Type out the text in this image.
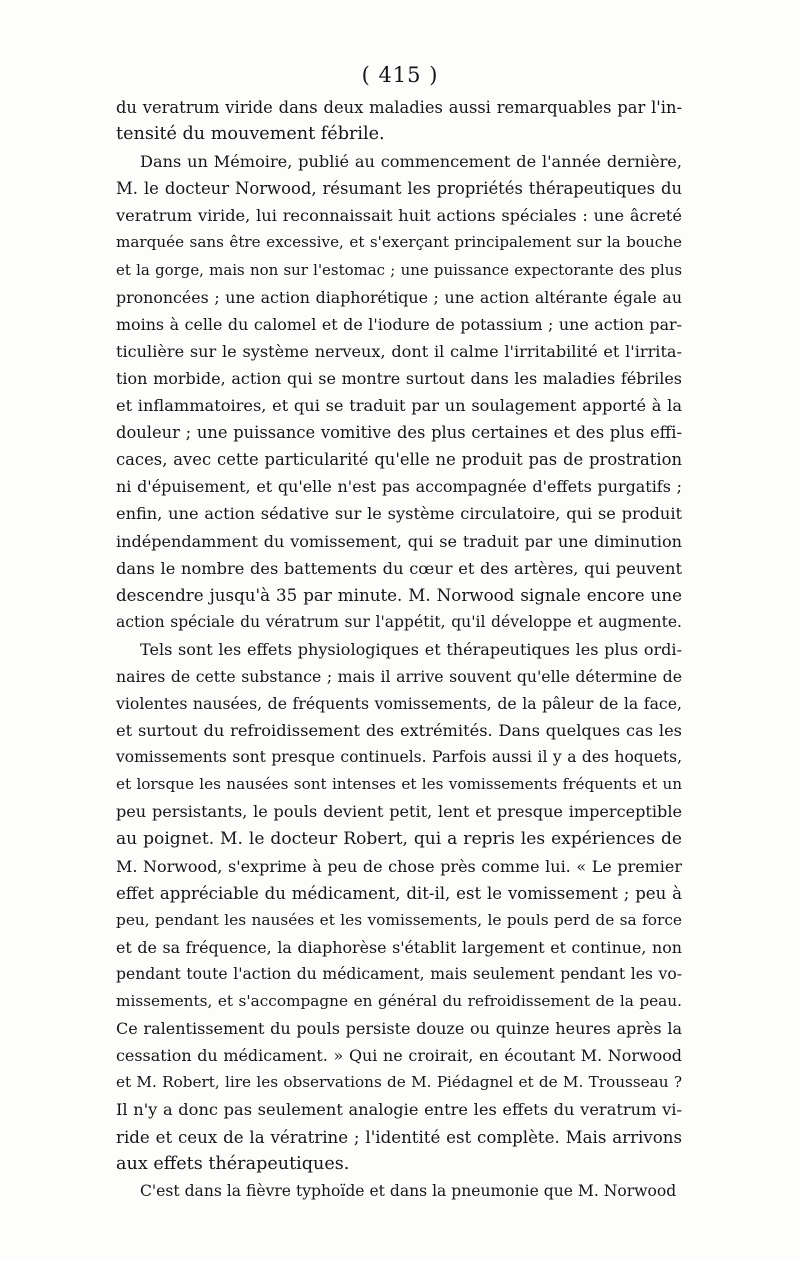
( 415 )
du veratrum viride dans deux maladies aussi remarquables par l'in-
tensité du mouvement fébrile.
Dans un Mémoire, publié au commencement de l'année dernière,
M. le docteur Norwood, résumant les propriétés thérapeutiques du
veratrum viride, lui reconnaissait huit actions spéciales : une âcreté
marquée sans être excessive, et s'exerçant principalement sur la bouche
et la gorge, mais non sur l'estomac ; une puissance expectorante des plus
prononcées ; une action diaphorétique ; une action altérante égale au
moins à celle du calomel et de l'iodure de potassium ; une action par-
ticulière sur le système nerveux, dont il calme l'irritabilité et l'irrita-
tion morbide, action qui se montre surtout dans les maladies fébriles
et inflammatoires, et qui se traduit par un soulagement apporté à la
douleur ; une puissance vomitive des plus certaines et des plus effi-
caces, avec cette particularité qu'elle ne produit pas de prostration
ni d'épuisement, et qu'elle n'est pas accompagnée d'effets purgatifs ;
enfin, une action sédative sur le système circulatoire, qui se produit
indépendamment du vomissement, qui se traduit par une diminution
dans le nombre des battements du cœur et des artères, qui peuvent
descendre jusqu'à 35 par minute. M. Norwood signale encore une
action spéciale du vératrum sur l'appétit, qu'il développe et augmente.
Tels sont les effets physiologiques et thérapeutiques les plus ordi-
naires de cette substance ; mais il arrive souvent qu'elle détermine de
violentes nausées, de fréquents vomissements, de la pâleur de la face,
et surtout du refroidissement des extrémités. Dans quelques cas les
vomissements sont presque continuels. Parfois aussi il y a des hoquets,
et lorsque les nausées sont intenses et les vomissements fréquents et un
peu persistants, le pouls devient petit, lent et presque imperceptible
au poignet. M. le docteur Robert, qui a repris les expériences de
M. Norwood, s'exprime à peu de chose près comme lui. « Le premier
effet appréciable du médicament, dit-il, est le vomissement ; peu à
peu, pendant les nausées et les vomissements, le pouls perd de sa force
et de sa fréquence, la diaphorèse s'établit largement et continue, non
pendant toute l'action du médicament, mais seulement pendant les vo-
missements, et s'accompagne en général du refroidissement de la peau.
Ce ralentissement du pouls persiste douze ou quinze heures après la
cessation du médicament. » Qui ne croirait, en écoutant M. Norwood
et M. Robert, lire les observations de M. Piédagnel et de M. Trousseau ?
Il n'y a donc pas seulement analogie entre les effets du veratrum vi-
ride et ceux de la vératrine ; l'identité est complète. Mais arrivons
aux effets thérapeutiques.
C'est dans la fièvre typhoïde et dans la pneumonie que M. Norwood
